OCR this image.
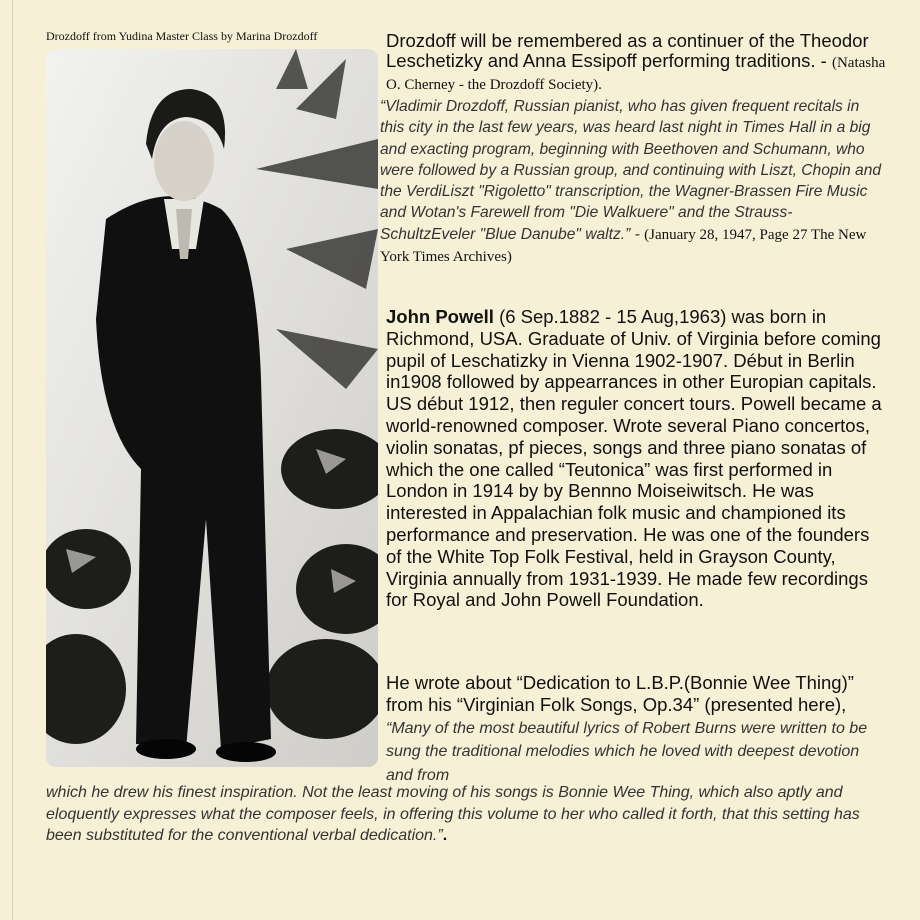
Drozdoff from Yudina Master Class by Marina Drozdoff	Drozdoff will be remembered as a continuer of the Theodor Leschetizky and Anna Essipoff performing traditions. - (Natasha O. Cherney - the Drozdoff Society).

“Vladimir Drozdoff, Russian pianist, who has given frequent recitals in this city in the last few years, was heard last night in Times Hall in a big and exacting program, beginning with Beethoven and Schumann, who were followed by a Russian group, and continuing with Liszt, Chopin and the VerdiLiszt "Rigoletto" transcription, the Wagner-Brassen Fire Music and Wotan's Farewell from "Die Walkuere" and the Strauss-SchultzEveler "Blue Danube" waltz.” - (January 28, 1947, Page 27 The New York Times Archives)

John Powell (6 Sep.1882 - 15 Aug,1963) was born in Richmond, USA. Graduate of Univ. of Virginia before coming pupil of Leschatizky in Vienna 1902-1907. Début in Berlin in1908 followed by appearrances in other Europian capitals. US début 1912, then reguler concert tours. Powell became a world-renowned composer. Wrote several Piano concertos, violin sonatas, pf pieces, songs and three piano sonatas of which the one called “Teutonica” was first performed in London in 1914 by by Bennno Moiseiwitsch. He was interested in Appalachian folk music and championed its performance and preservation. He was one of the founders of the White Top Folk Festival, held in Grayson County, Virginia annually from 1931-1939. He made few recordings for Royal and John Powell Foundation.

He wrote about “Dedication to L.B.P.(Bonnie Wee Thing)” from his “Virginian Folk Songs, Op.34” (presented here), “Many of the most beautiful lyrics of Robert Burns were written to be sung the traditional melodies which he loved with deepest devotion and from

which he drew his finest inspiration. Not the least moving of his songs is Bonnie Wee Thing, which also aptly and eloquently expresses what the composer feels, in offering this volume to her who called it forth, that this setting has been substituted for the conventional verbal dedication.”.
